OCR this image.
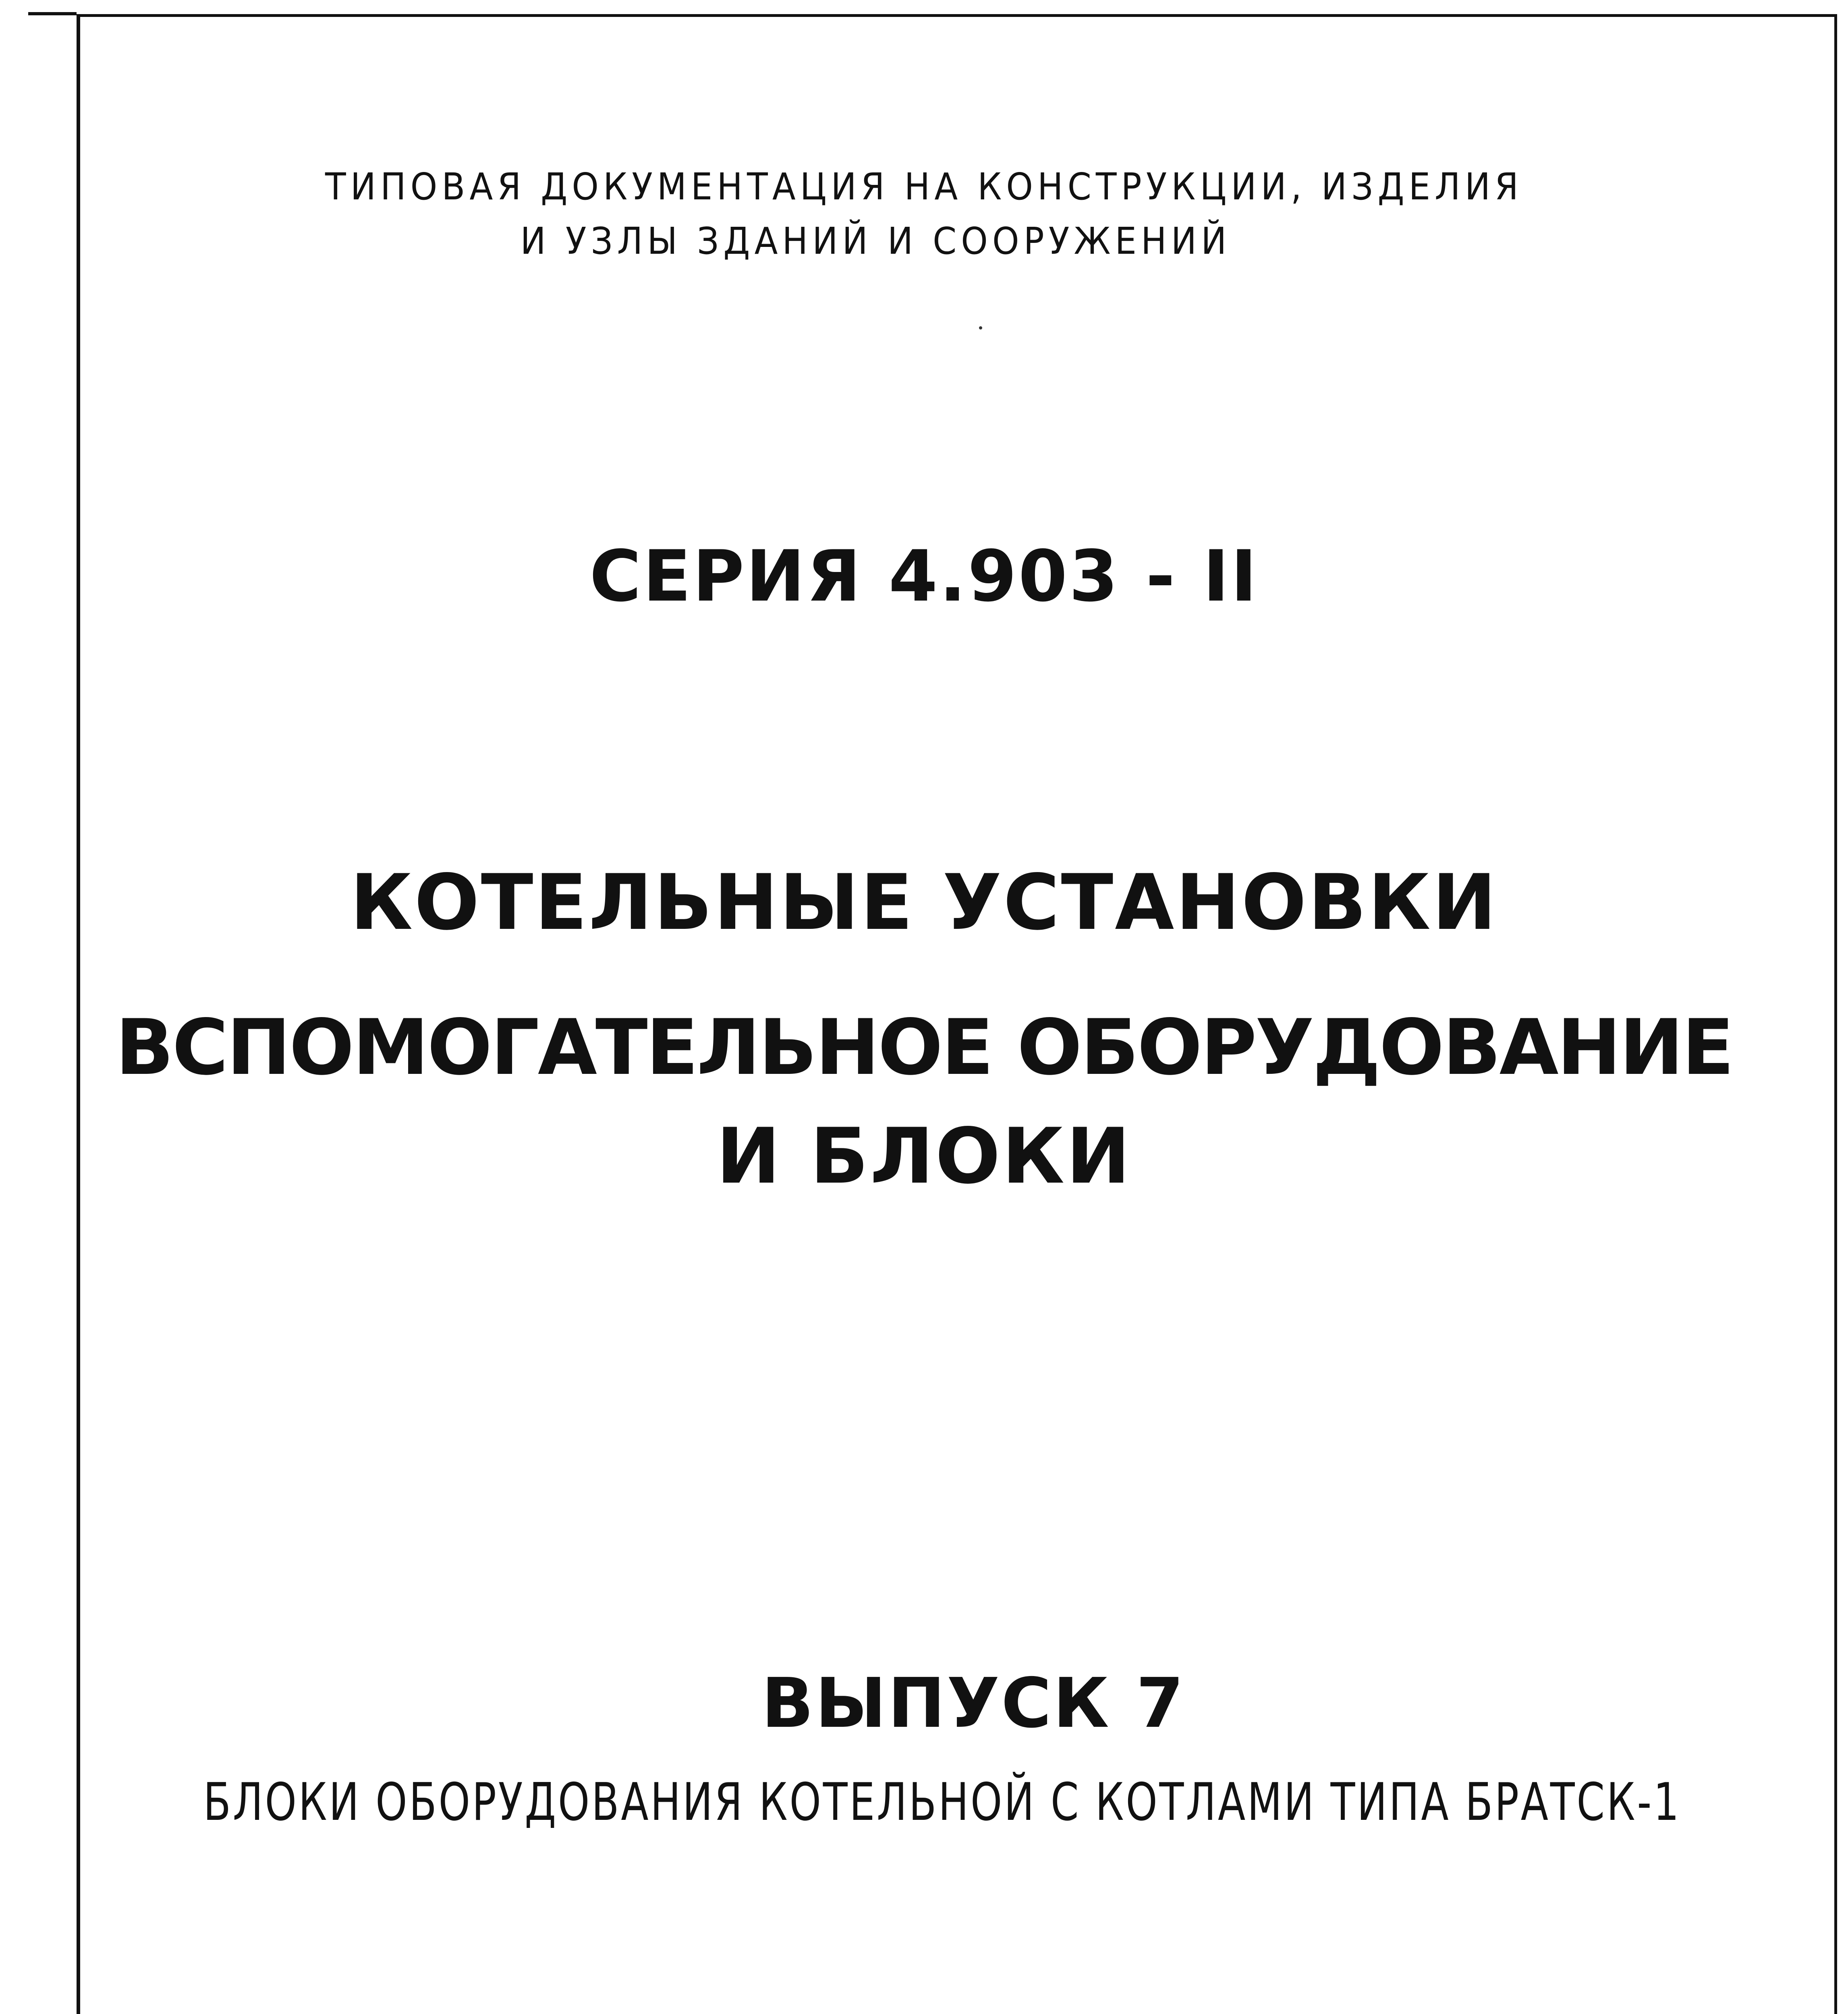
ТИПОВАЯ ДОКУМЕНТАЦИЯ НА КОНСТРУКЦИИ, ИЗДЕЛИЯ
И УЗЛЫ ЗДАНИЙ И СООРУЖЕНИЙ
СЕРИЯ 4.903 - II
КОТЕЛЬНЫЕ УСТАНОВКИ
ВСПОМОГАТЕЛЬНОЕ ОБОРУДОВАНИЕ
И БЛОКИ
ВЫПУСК 7
БЛОКИ ОБОРУДОВАНИЯ КОТЕЛЬНОЙ С КОТЛАМИ ТИПА БРАТСК-1
